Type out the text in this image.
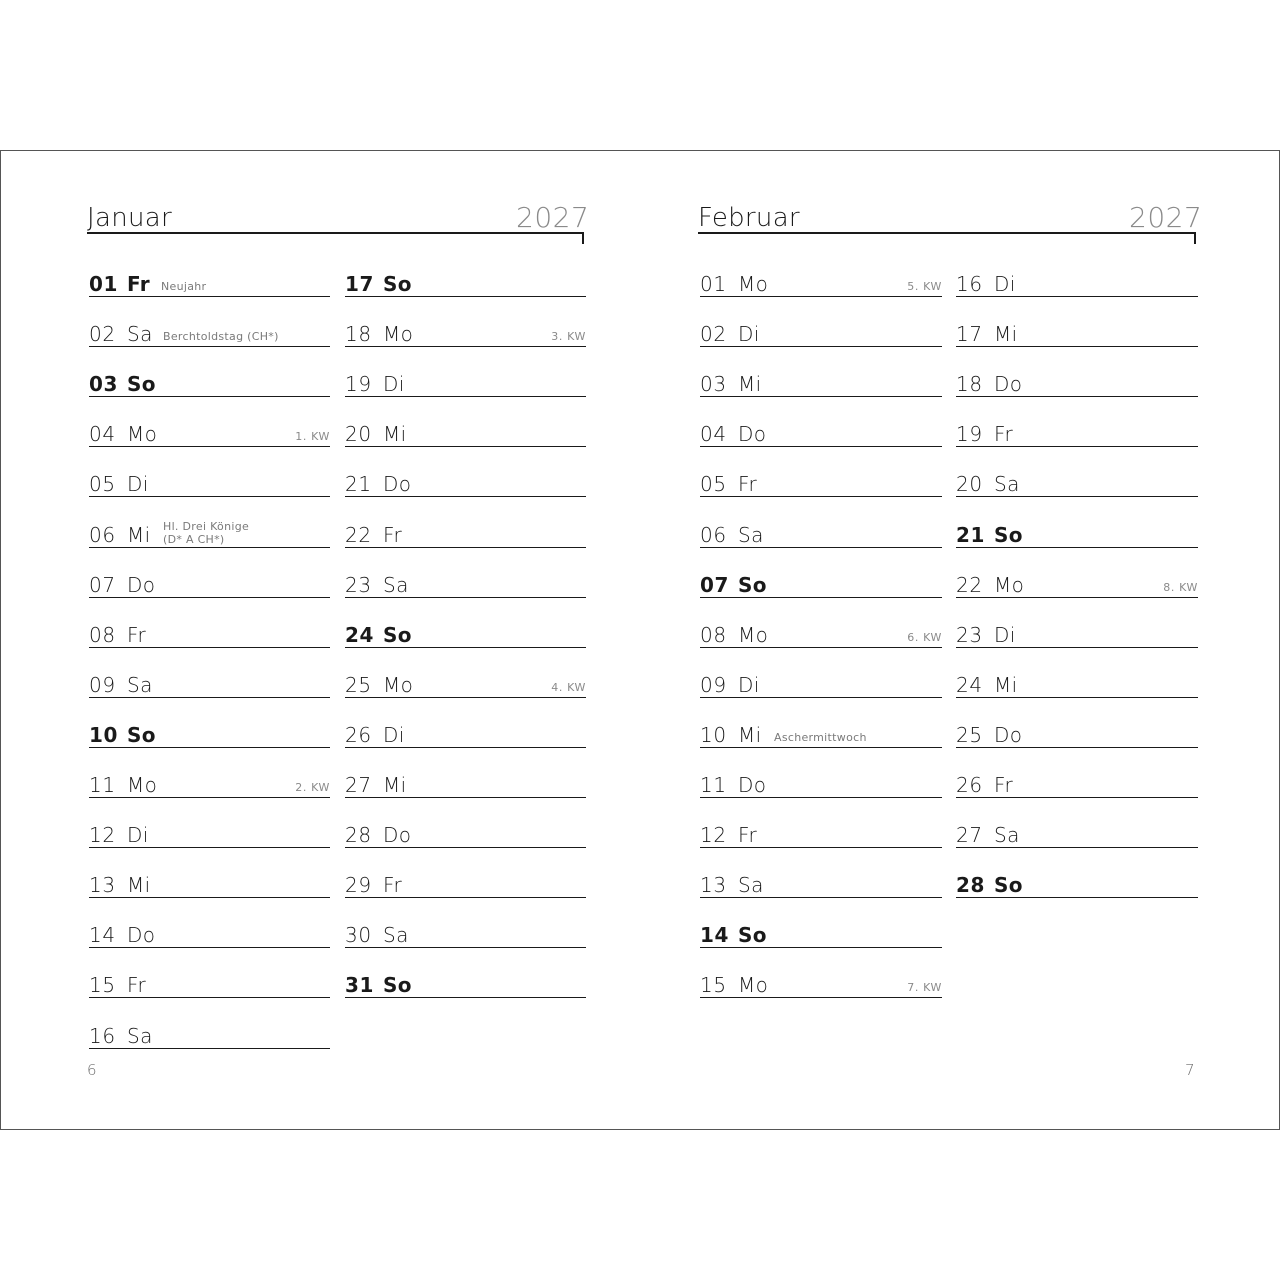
Januar	2027
01 Fr Neujahr
02 Sa Berchtoldstag (CH*)
03 So
04 Mo	1. KW
05 Di
06 Mi Hl. Drei Könige
(D* A CH*)
07 Do
08 Fr
09 Sa
10 So
11 Mo	2. KW
12 Di
13 Mi
14 Do
15 Fr
16 Sa
17 So
18 Mo	3. KW
19 Di
20 Mi
21 Do
22 Fr
23 Sa
24 So
25 Mo	4. KW
26 Di
27 Mi
28 Do
29 Fr
30 Sa
31 So
6
Februar	2027
01 Mo	5. KW
02 Di
03 Mi
04 Do
05 Fr
06 Sa
07 So
08 Mo	6. KW
09 Di
10 Mi Aschermittwoch
11 Do
12 Fr
13 Sa
14 So
15 Mo	7. KW
16 Di
17 Mi
18 Do
19 Fr
20 Sa
21 So
22 Mo	8. KW
23 Di
24 Mi
25 Do
26 Fr
27 Sa
28 So
7
